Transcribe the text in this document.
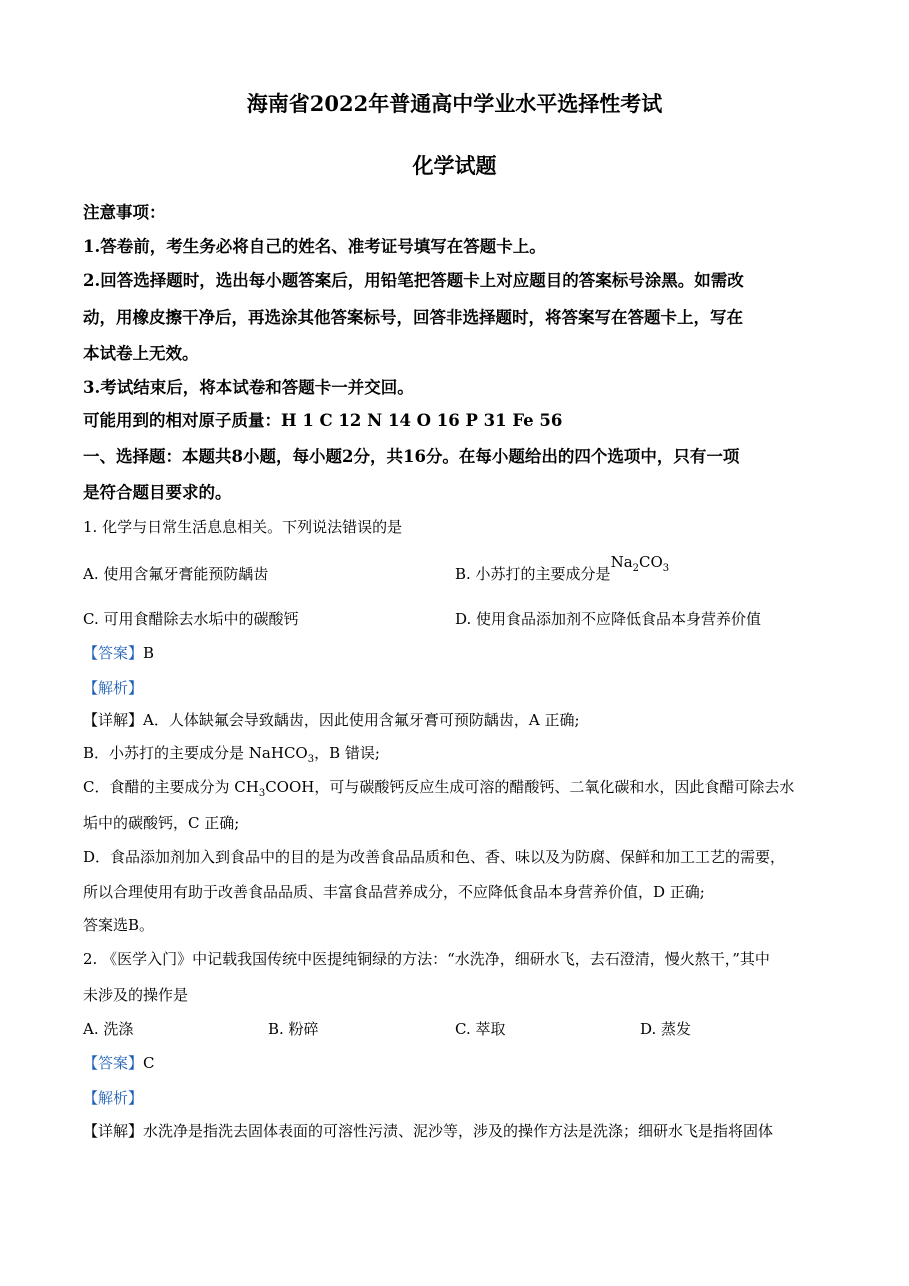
海南省2022年普通高中学业水平选择性考试
化学试题
注意事项：
1.答卷前，考生务必将自己的姓名、准考证号填写在答题卡上。
2.回答选择题时，选出每小题答案后，用铅笔把答题卡上对应题目的答案标号涂黑。如需改
动，用橡皮擦干净后，再选涂其他答案标号，回答非选择题时，将答案写在答题卡上，写在
本试卷上无效。
3.考试结束后，将本试卷和答题卡一并交回。
可能用到的相对原子质量：H 1 C 12 N 14 O 16 P 31 Fe 56
一、选择题：本题共8小题，每小题2分，共16分。在每小题给出的四个选项中，只有一项
是符合题目要求的。
1. 化学与日常生活息息相关。下列说法错误的是
A. 使用含氟牙膏能预防龋齿	B. 小苏打的主要成分是$Na_2CO_3$
C. 可用食醋除去水垢中的碳酸钙	D. 使用食品添加剂不应降低食品本身营养价值
【答案】B
【解析】
【详解】A．人体缺氟会导致龋齿，因此使用含氟牙膏可预防龋齿，A 正确;
B．小苏打的主要成分是 NaHCO$_3$，B 错误;
C．食醋的主要成分为 $CH_3COOH$，可与碳酸钙反应生成可溶的醋酸钙、二氧化碳和水，因此食醋可除去水
垢中的碳酸钙，C 正确;
D．食品添加剂加入到食品中的目的是为改善食品品质和色、香、味以及为防腐、保鲜和加工工艺的需要，
所以合理使用有助于改善食品品质、丰富食品营养成分，不应降低食品本身营养价值，D 正确;
答案选B。
2. 《医学入门》中记载我国传统中医提纯铜绿的方法：“水洗净，细研水飞，去石澄清，慢火熬干，”其中
未涉及的操作是
A. 洗涤	B. 粉碎	C. 萃取	D. 蒸发
【答案】C
【解析】
【详解】水洗净是指洗去固体表面的可溶性污渍、泥沙等，涉及的操作方法是洗涤；细研水飞是指将固体
